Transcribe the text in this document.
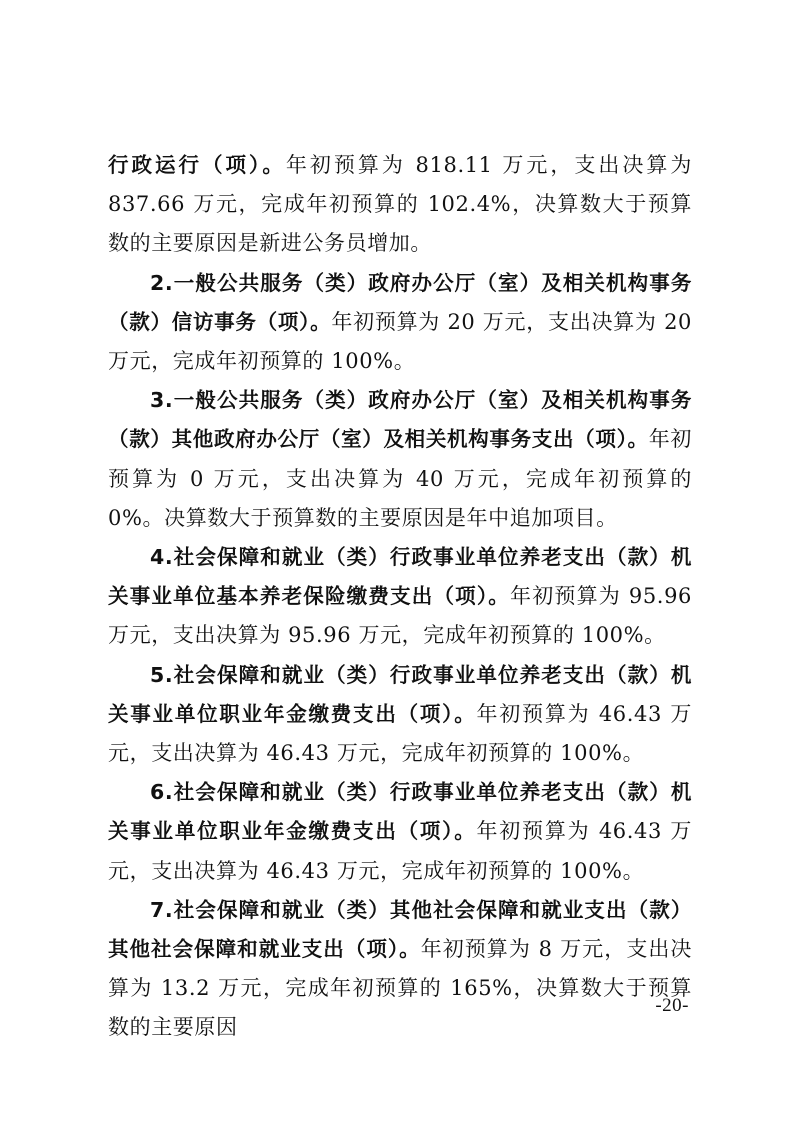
行政运行（项）。年初预算为 818.11 万元，支出决算为 837.66 万元，完成年初预算的 102.4%，决算数大于预算数的主要原因是新进公务员增加。

2.一般公共服务（类）政府办公厅（室）及相关机构事务（款）信访事务（项）。年初预算为 20 万元，支出决算为 20 万元，完成年初预算的 100%。

3.一般公共服务（类）政府办公厅（室）及相关机构事务（款）其他政府办公厅（室）及相关机构事务支出（项）。年初预算为 0 万元，支出决算为 40 万元，完成年初预算的 0%。决算数大于预算数的主要原因是年中追加项目。

4.社会保障和就业（类）行政事业单位养老支出（款）机关事业单位基本养老保险缴费支出（项）。年初预算为 95.96 万元，支出决算为 95.96 万元，完成年初预算的 100%。

5.社会保障和就业（类）行政事业单位养老支出（款）机关事业单位职业年金缴费支出（项）。年初预算为 46.43 万元，支出决算为 46.43 万元，完成年初预算的 100%。

6.社会保障和就业（类）行政事业单位养老支出（款）机关事业单位职业年金缴费支出（项）。年初预算为 46.43 万元，支出决算为 46.43 万元，完成年初预算的 100%。

7.社会保障和就业（类）其他社会保障和就业支出（款）其他社会保障和就业支出（项）。年初预算为 8 万元，支出决算为 13.2 万元，完成年初预算的 165%，决算数大于预算数的主要原因

-20-
